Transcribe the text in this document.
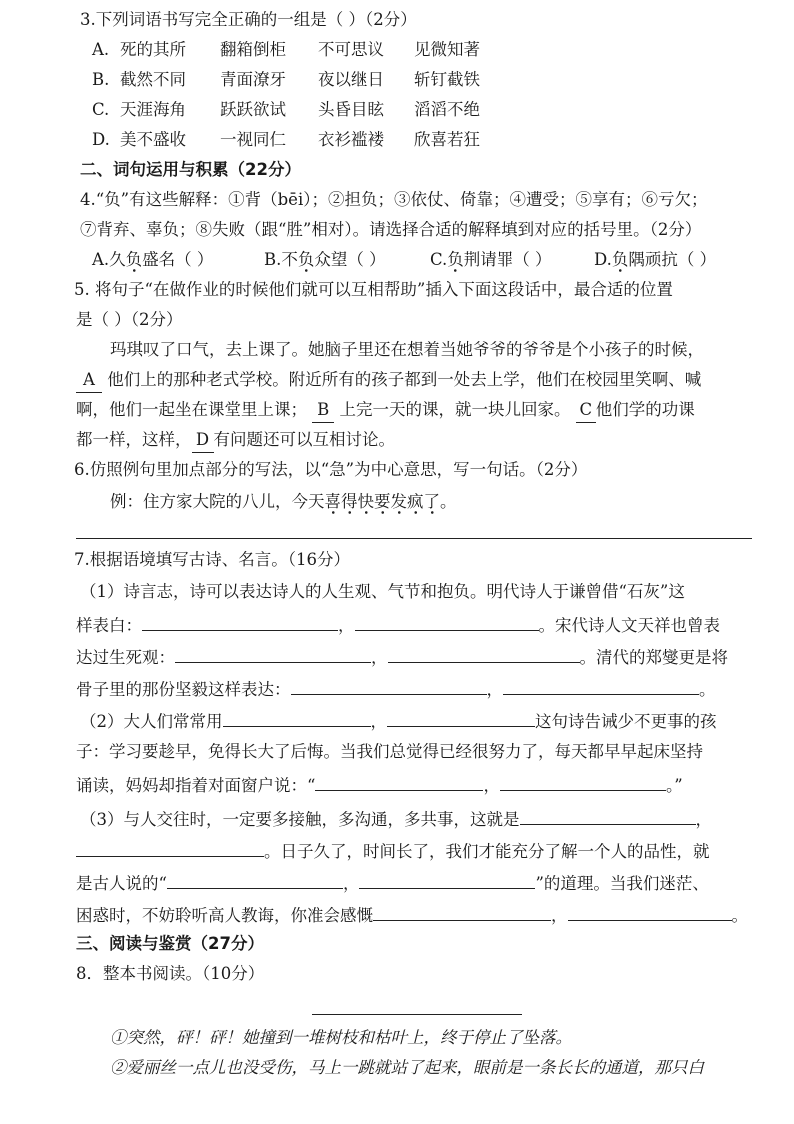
3.下列词语书写完全正确的一组是（ ）（2分）
A. 死的其所 翻箱倒柜 不可思议 见微知著
B. 截然不同 青面潦牙 夜以继日 斩钉截铁
C. 天涯海角 跃跃欲试 头昏目眩 滔滔不绝
D. 美不盛收 一视同仁 衣衫褴褛 欣喜若狂
二、词句运用与积累（22分）
4.“负”有这些解释：①背（bēi）；②担负；③依仗、倚靠；④遭受；⑤享有；⑥亏欠；
⑦背弃、辜负；⑧失败（跟“胜”相对）。请选择合适的解释填到对应的括号里。（2分）
A.久负盛名（ ）	B.不负众望（ ）	C.负荆请罪（ ）	D.负隅顽抗（ ）
5. 将句子“在做作业的时候他们就可以互相帮助”插入下面这段话中，最合适的位置
是（ ）（2分）
玛琪叹了口气，去上课了。她脑子里还在想着当她爷爷的爷爷是个小孩子的时候，
A 他们上的那种老式学校。附近所有的孩子都到一处去上学，他们在校园里笑啊、喊
啊，他们一起坐在课堂里上课； B 上完一天的课，就一块儿回家。 C 他们学的功课
都一样，这样， D 有问题还可以互相讨论。
6.仿照例句里加点部分的写法，以“急”为中心意思，写一句话。（2分）
例：住方家大院的八儿，今天喜得快要发疯了。
7.根据语境填写古诗、名言。（16分）
（1）诗言志，诗可以表达诗人的人生观、气节和抱负。明代诗人于谦曾借“石灰”这
样表白：	，	。宋代诗人文天祥也曾表
达过生死观：	，	。清代的郑燮更是将
骨子里的那份坚毅这样表达：	，	。
（2）大人们常常用	，	这句诗告诫少不更事的孩
子：学习要趁早，免得长大了后悔。当我们总觉得已经很努力了，每天都早早起床坚持
诵读，妈妈却指着对面窗户说：“	，	。”
（3）与人交往时，一定要多接触，多沟通，多共事，这就是	，
。日子久了，时间长了，我们才能充分了解一个人的品性，就
是古人说的“	，	”的道理。当我们迷茫、
困惑时，不妨聆听高人教诲，你准会感慨	，	。
三、阅读与鉴赏（27分）
8．整本书阅读。（10分）
①突然，砰！砰！她撞到一堆树枝和枯叶上，终于停止了坠落。
②爱丽丝一点儿也没受伤，马上一跳就站了起来，眼前是一条长长的通道，那只白
